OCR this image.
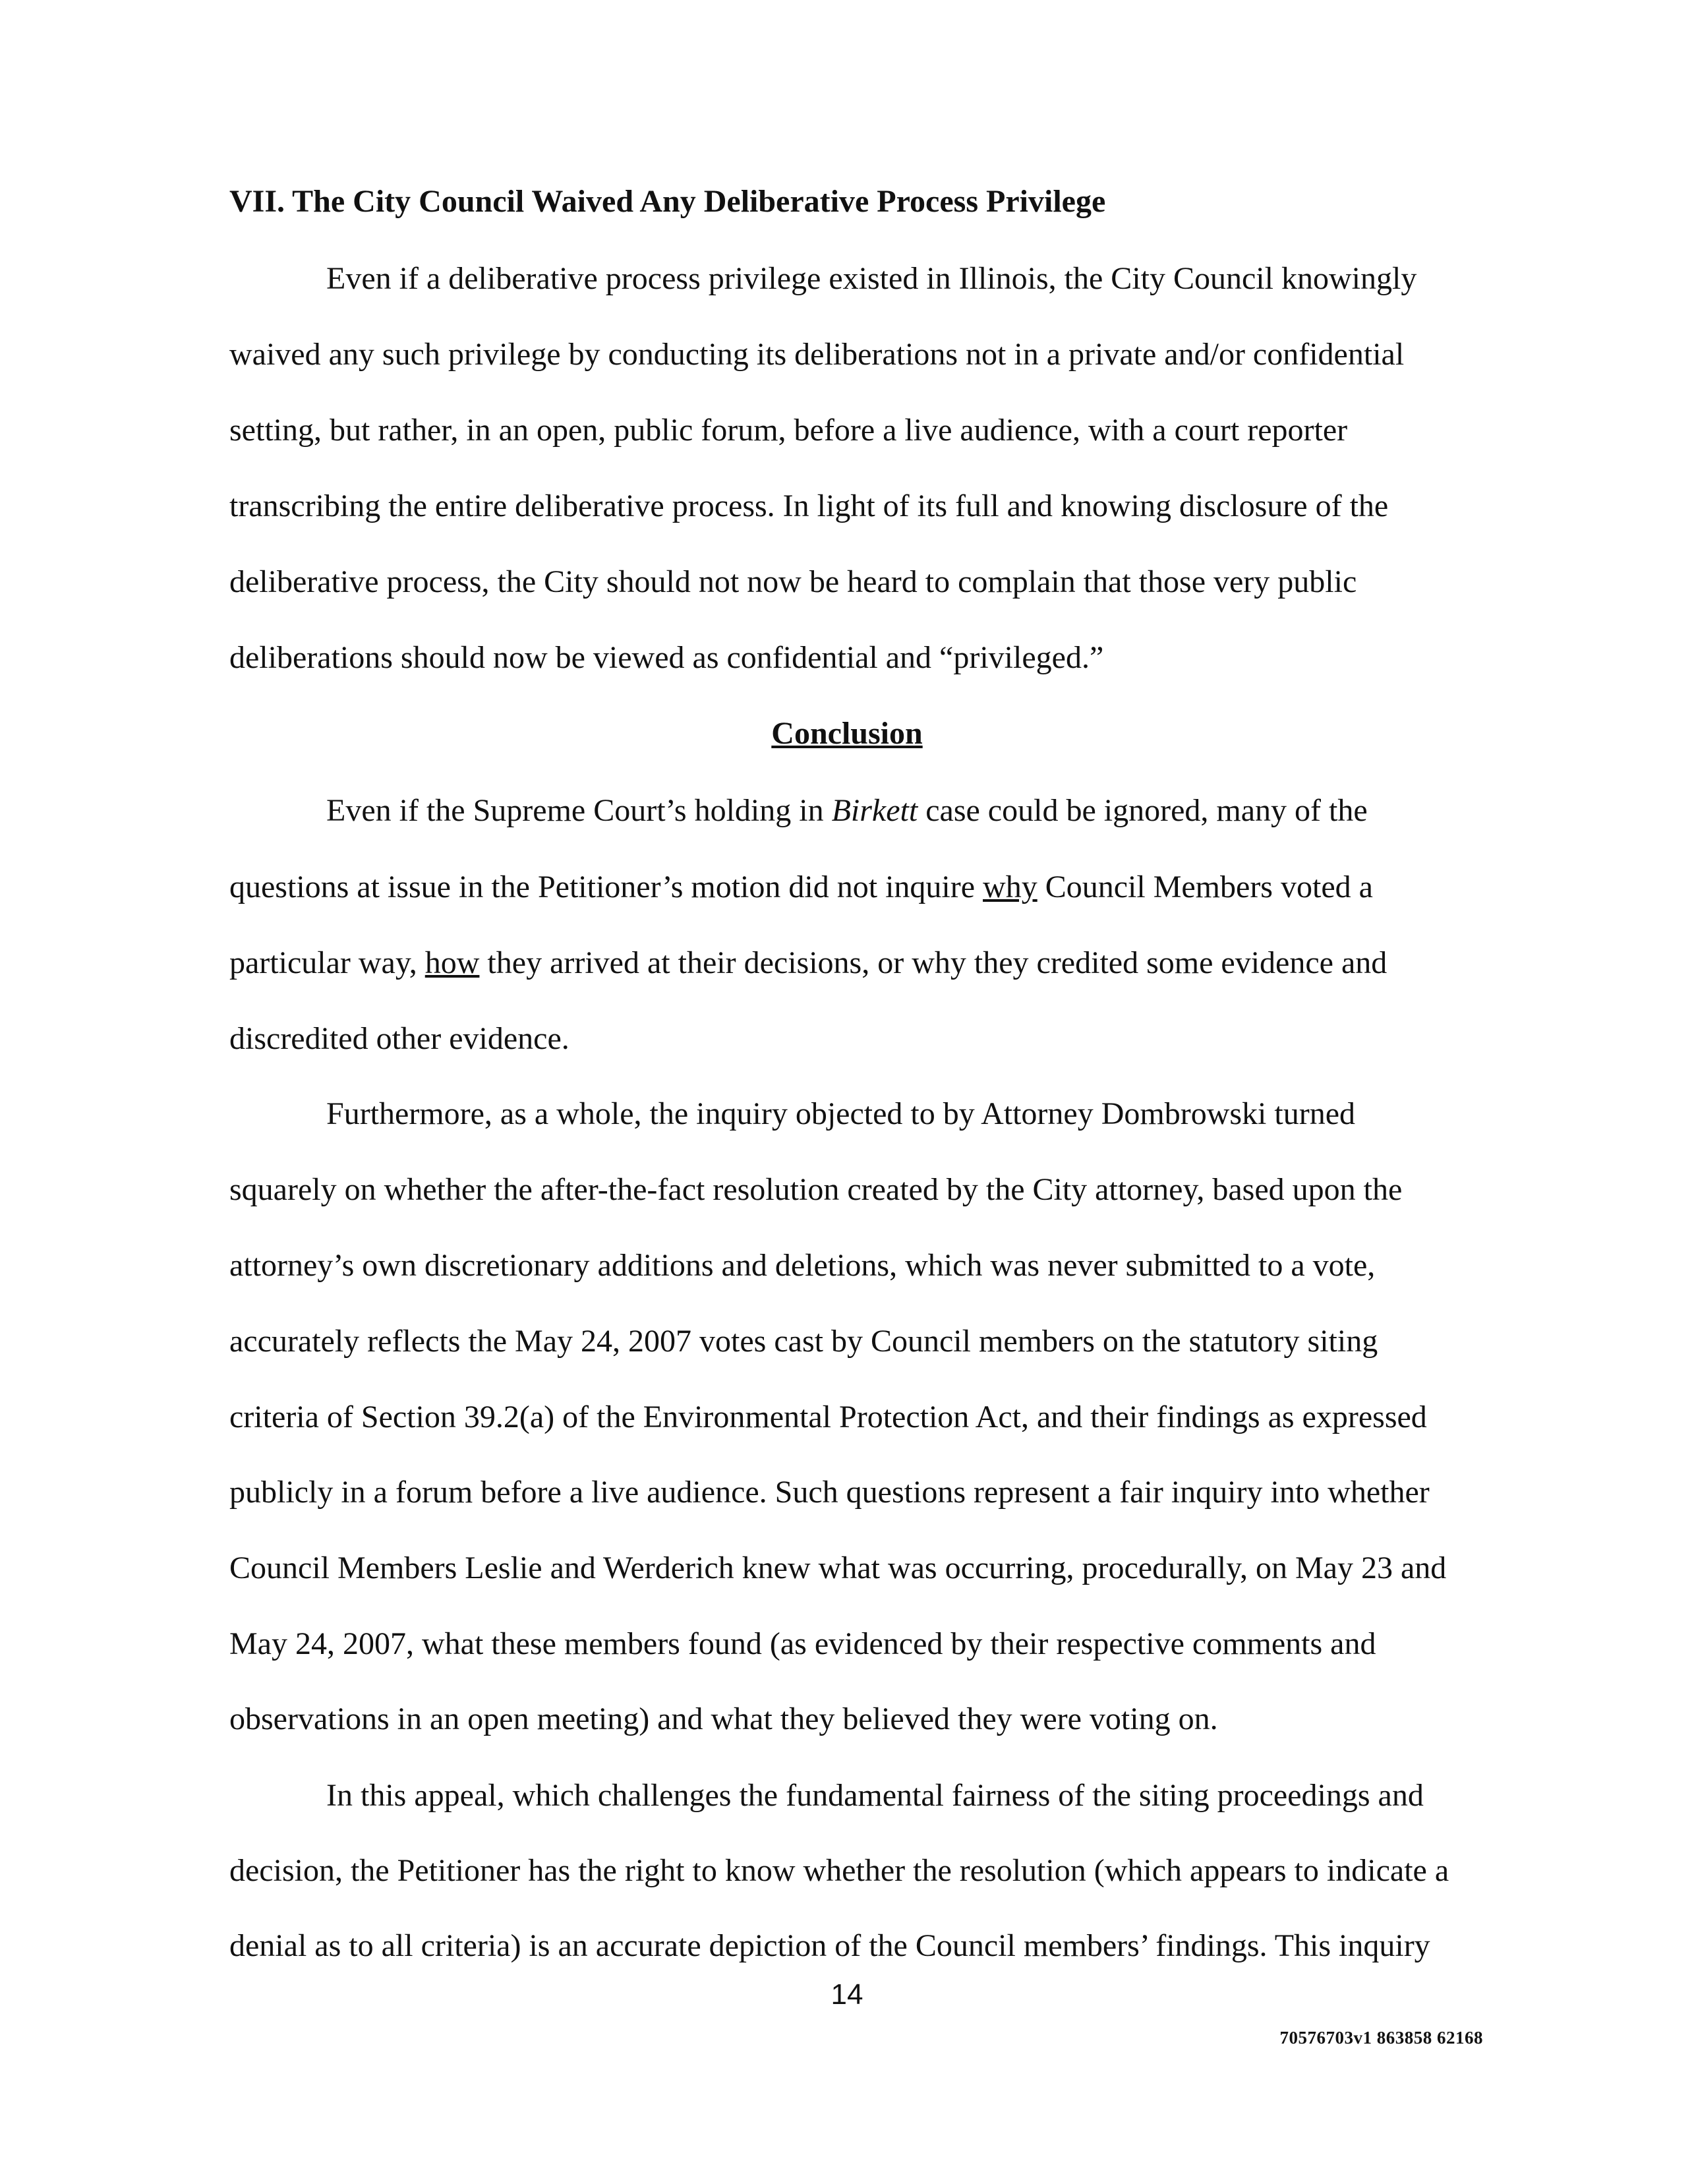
VII. The City Council Waived Any Deliberative Process Privilege
Even if a deliberative process privilege existed in Illinois, the City Council knowingly
waived any such privilege by conducting its deliberations not in a private and/or confidential
setting, but rather, in an open, public forum, before a live audience, with a court reporter
transcribing the entire deliberative process. In light of its full and knowing disclosure of the
deliberative process, the City should not now be heard to complain that those very public
deliberations should now be viewed as confidential and “privileged.”
Conclusion
Even if the Supreme Court’s holding in Birkett case could be ignored, many of the
questions at issue in the Petitioner’s motion did not inquire why Council Members voted a
particular way, how they arrived at their decisions, or why they credited some evidence and
discredited other evidence.
Furthermore, as a whole, the inquiry objected to by Attorney Dombrowski turned
squarely on whether the after-the-fact resolution created by the City attorney, based upon the
attorney’s own discretionary additions and deletions, which was never submitted to a vote,
accurately reflects the May 24, 2007 votes cast by Council members on the statutory siting
criteria of Section 39.2(a) of the Environmental Protection Act, and their findings as expressed
publicly in a forum before a live audience. Such questions represent a fair inquiry into whether
Council Members Leslie and Werderich knew what was occurring, procedurally, on May 23 and
May 24, 2007, what these members found (as evidenced by their respective comments and
observations in an open meeting) and what they believed they were voting on.
In this appeal, which challenges the fundamental fairness of the siting proceedings and
decision, the Petitioner has the right to know whether the resolution (which appears to indicate a
denial as to all criteria) is an accurate depiction of the Council members’ findings. This inquiry
14
70576703v1 863858 62168
